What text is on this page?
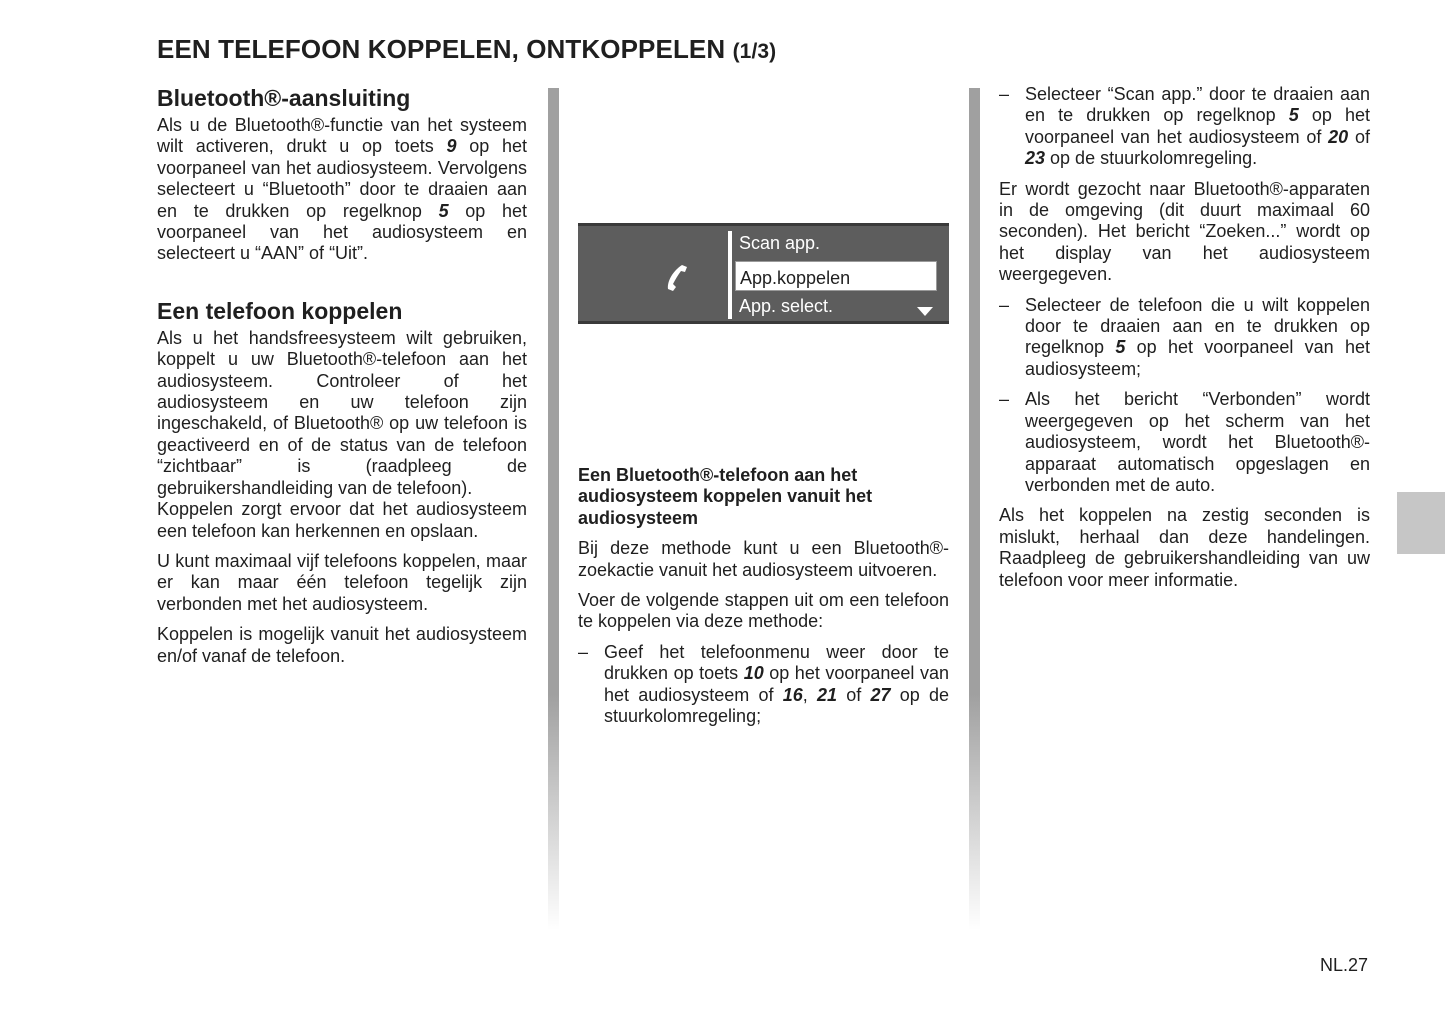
EEN TELEFOON KOPPELEN, ONTKOPPELEN (1/3)
Bluetooth®-aansluiting

Als u de Bluetooth®-functie van het systeem wilt activeren, drukt u op toets 9 op het voorpaneel van het audiosysteem. Vervolgens selecteert u “Bluetooth” door te draaien aan en te drukken op regelknop 5 op het voorpaneel van het audiosysteem en selecteert u “AAN” of “Uit”.

Een telefoon koppelen

Als u het handsfreesysteem wilt gebruiken, koppelt u uw Bluetooth®-telefoon aan het audiosysteem. Controleer of het audiosysteem en uw telefoon zijn ingeschakeld, of Bluetooth® op uw telefoon is geactiveerd en of de status van de telefoon “zichtbaar” is (raadpleeg de gebruikershandleiding van de telefoon).

Koppelen zorgt ervoor dat het audiosysteem een telefoon kan herkennen en opslaan.

U kunt maximaal vijf telefoons koppelen, maar er kan maar één telefoon tegelijk zijn verbonden met het audiosysteem.

Koppelen is mogelijk vanuit het audiosysteem en/of vanaf de telefoon.

Scan app.
App.koppelen
App. select.
Een Bluetooth®-telefoon aan het audiosysteem koppelen vanuit het audiosysteem

Bij deze methode kunt u een Bluetooth®-zoekactie vanuit het audiosysteem uitvoeren.

Voer de volgende stappen uit om een telefoon te koppelen via deze methode:

– Geef het telefoonmenu weer door te drukken op toets 10 op het voorpaneel van het audiosysteem of 16, 21 of 27 op de stuurkolomregeling;

– Selecteer “Scan app.” door te draaien aan en te drukken op regelknop 5 op het voorpaneel van het audiosysteem of 20 of 23 op de stuurkolomregeling.

Er wordt gezocht naar Bluetooth®-apparaten in de omgeving (dit duurt maximaal 60 seconden). Het bericht “Zoeken...” wordt op het display van het audiosysteem weergegeven.

– Selecteer de telefoon die u wilt koppelen door te draaien aan en te drukken op regelknop 5 op het voorpaneel van het audiosysteem;

– Als het bericht “Verbonden” wordt weergegeven op het scherm van het audiosysteem, wordt het Bluetooth®-apparaat automatisch opgeslagen en verbonden met de auto.

Als het koppelen na zestig seconden is mislukt, herhaal dan deze handelingen. Raadpleeg de gebruikershandleiding van uw telefoon voor meer informatie.

NL.27
